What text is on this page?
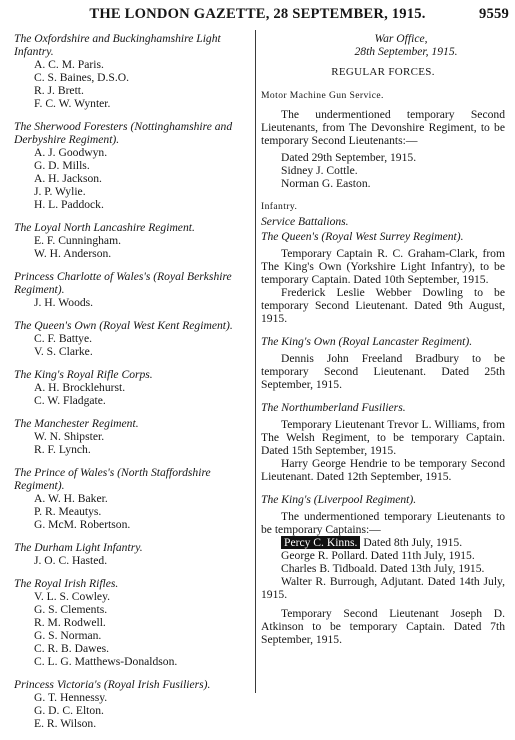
THE LONDON GAZETTE, 28 SEPTEMBER, 1915.	9559
The Oxfordshire and Buckinghamshire Light Infantry.
A. C. M. Paris.
C. S. Baines, D.S.O.
R. J. Brett.
F. C. W. Wynter.
The Sherwood Foresters (Nottinghamshire and Derbyshire Regiment).
A. J. Goodwyn.
G. D. Mills.
A. H. Jackson.
J. P. Wylie.
H. L. Paddock.
The Loyal North Lancashire Regiment.
E. F. Cunningham.
W. H. Anderson.
Princess Charlotte of Wales's (Royal Berkshire Regiment).
J. H. Woods.
The Queen's Own (Royal West Kent Regiment).
C. F. Battye.
V. S. Clarke.
The King's Royal Rifle Corps.
A. H. Brocklehurst.
C. W. Fladgate.
The Manchester Regiment.
W. N. Shipster.
R. F. Lynch.
The Prince of Wales's (North Staffordshire Regiment).
A. W. H. Baker.
P. R. Meautys.
G. McM. Robertson.
The Durham Light Infantry.
J. O. C. Hasted.
The Royal Irish Rifles.
V. L. S. Cowley.
G. S. Clements.
R. M. Rodwell.
G. S. Norman.
C. R. B. Dawes.
C. L. G. Matthews-Donaldson.
Princess Victoria's (Royal Irish Fusiliers).
G. T. Hennessy.
G. D. C. Elton.
E. R. Wilson.
War Office,
28th September, 1915.
REGULAR FORCES.
Motor Machine Gun Service.
The undermentioned temporary Second Lieutenants, from The Devonshire Regiment, to be temporary Second Lieutenants:—
Dated 29th September, 1915.
Sidney J. Cottle.
Norman G. Easton.
Infantry.
Service Battalions.
The Queen's (Royal West Surrey Regiment).
Temporary Captain R. C. Graham-Clark, from The King's Own (Yorkshire Light Infantry), to be temporary Captain. Dated 10th September, 1915.
Frederick Leslie Webber Dowling to be temporary Second Lieutenant. Dated 9th August, 1915.
The King's Own (Royal Lancaster Regiment).
Dennis John Freeland Bradbury to be temporary Second Lieutenant. Dated 25th September, 1915.
The Northumberland Fusiliers.
Temporary Lieutenant Trevor L. Williams, from The Welsh Regiment, to be temporary Captain. Dated 15th September, 1915.
Harry George Hendrie to be temporary Second Lieutenant. Dated 12th September, 1915.
The King's (Liverpool Regiment).
The undermentioned temporary Lieutenants to be temporary Captains:—
Percy C. Kinns. Dated 8th July, 1915.
George R. Pollard. Dated 11th July, 1915.
Charles B. Tidboald. Dated 13th July, 1915.
Walter R. Burrough, Adjutant. Dated 14th July, 1915.
Temporary Second Lieutenant Joseph D. Atkinson to be temporary Captain. Dated 7th September, 1915.
